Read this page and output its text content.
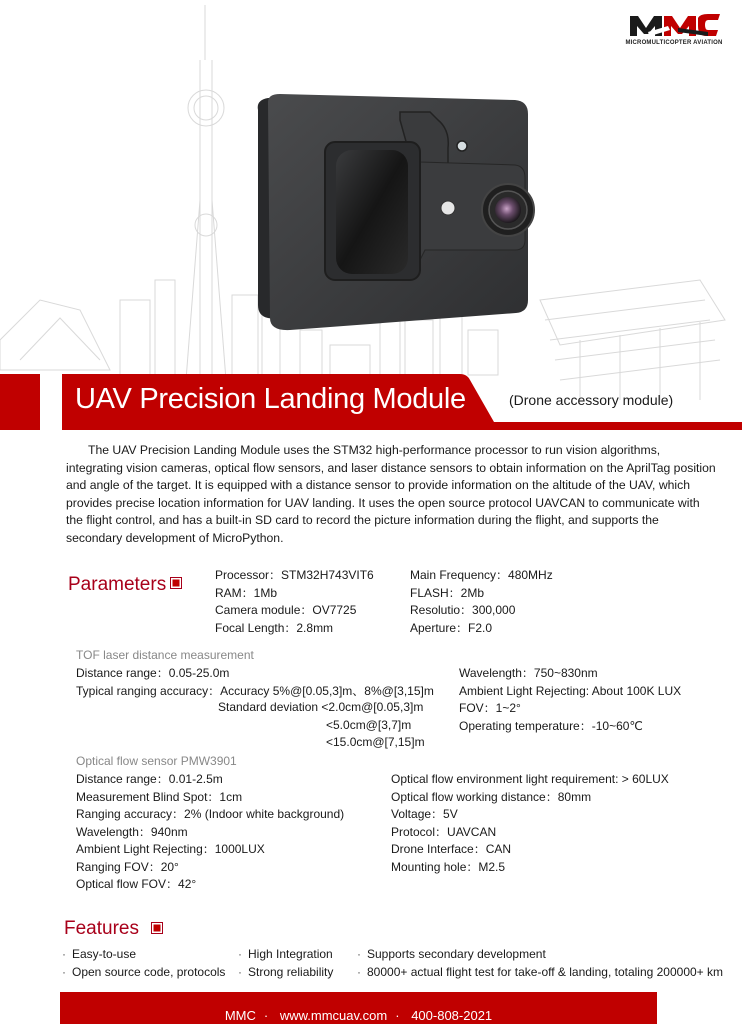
MICROMULTICOPTER AVIATION
UAV Precision Landing Module	(Drone accessory module)

The UAV Precision Landing Module uses the STM32 high-performance processor to run vision algorithms, integrating vision cameras, optical flow sensors, and laser distance sensors to obtain information on the AprilTag position and angle of the target. It is equipped with a distance sensor to provide information on the altitude of the UAV, which provides precise location information for UAV landing. It uses the open source protocol UAVCAN to communicate with the flight control, and has a built-in SD card to record the picture information during the flight, and supports the secondary development of MicroPython.

Parameters	Processor：STM32H743VIT6
RAM：1Mb
Camera module：OV7725
Focal Length：2.8mm
Main Frequency：480MHz
FLASH：2Mb
Resolutio：300,000
Aperture：F2.0
TOF laser distance measurement
Distance range：0.05-25.0m
Typical ranging accuracy：Accuracy 5%@[0.05,3]m、8%@[3,15]m
Standard deviation <2.0cm@[0.05,3]m
<5.0cm@[3,7]m
<15.0cm@[7,15]m
Wavelength：750~830nm
Ambient Light Rejecting: About 100K LUX
FOV：1~2°
Operating temperature：-10~60℃
Optical flow sensor PMW3901
Distance range：0.01-2.5m
Measurement Blind Spot：1cm
Ranging accuracy：2% (Indoor white background)
Wavelength：940nm
Ambient Light Rejecting：1000LUX
Ranging FOV：20°
Optical flow FOV：42°
Optical flow environment light requirement: > 60LUX
Optical flow working distance：80mm
Voltage：5V
Protocol：UAVCAN
Drone Interface：CAN
Mounting hole：M2.5
Features
· Easy-to-use	· High Integration	· Supports secondary development
· Open source code, protocols	· Strong reliability	· 80000+ actual flight test for take-off & landing, totaling 200000+ km
MMC · www.mmcuav.com · 400-808-2021
